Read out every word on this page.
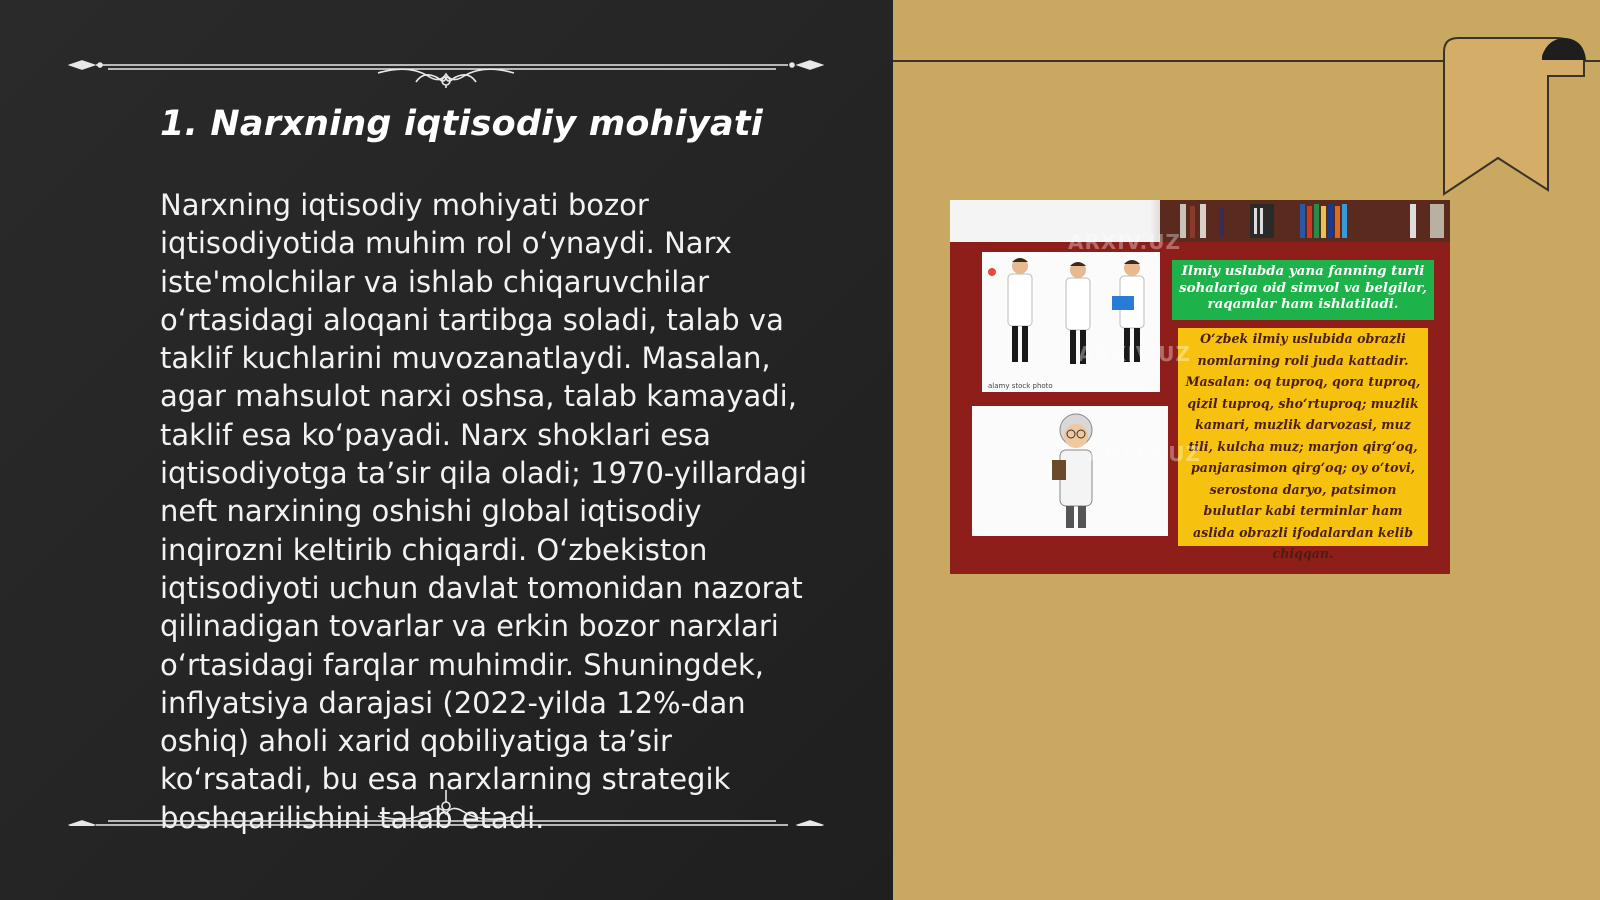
1. Narxning iqtisodiy mohiyati

Narxning iqtisodiy mohiyati bozor iqtisodiyotida muhim rol oʻynaydi. Narx iste'molchilar va ishlab chiqaruvchilar oʻrtasidagi aloqani tartibga soladi, talab va taklif kuchlarini muvozanatlaydi. Masalan, agar mahsulot narxi oshsa, talab kamayadi, taklif esa koʻpayadi. Narx shoklari esa iqtisodiyotga taʼsir qila oladi; 1970-yillardagi neft narxining oshishi global iqtisodiy inqirozni keltirib chiqardi. Oʻzbekiston iqtisodiyoti uchun davlat tomonidan nazorat qilinadigan tovarlar va erkin bozor narxlari oʻrtasidagi farqlar muhimdir. Shuningdek, inflyatsiya darajasi (2022-yilda 12%-dan oshiq) aholi xarid qobiliyatiga taʼsir koʻrsatadi, bu esa narxlarning strategik boshqarilishini talab etadi.

alamy stock photo
Ilmiy uslubda yana fanning turli sohalariga oid simvol va belgilar, raqamlar ham ishlatiladi.
Oʻzbek ilmiy uslubida obrazli nomlarning roli juda kattadir. Masalan: oq tuproq, qora tuproq, qizil tuproq, shoʻrtuproq; muzlik kamari, muzlik darvozasi, muz tili, kulcha muz; marjon qirgʻoq, panjarasimon qirgʻoq; oy oʻtovi, serostona daryo, patsimon bulutlar kabi terminlar ham aslida obrazli ifodalardan kelib chiqqan.
ARXIV.UZ
ARXIV.UZ
ARXIV.UZ
